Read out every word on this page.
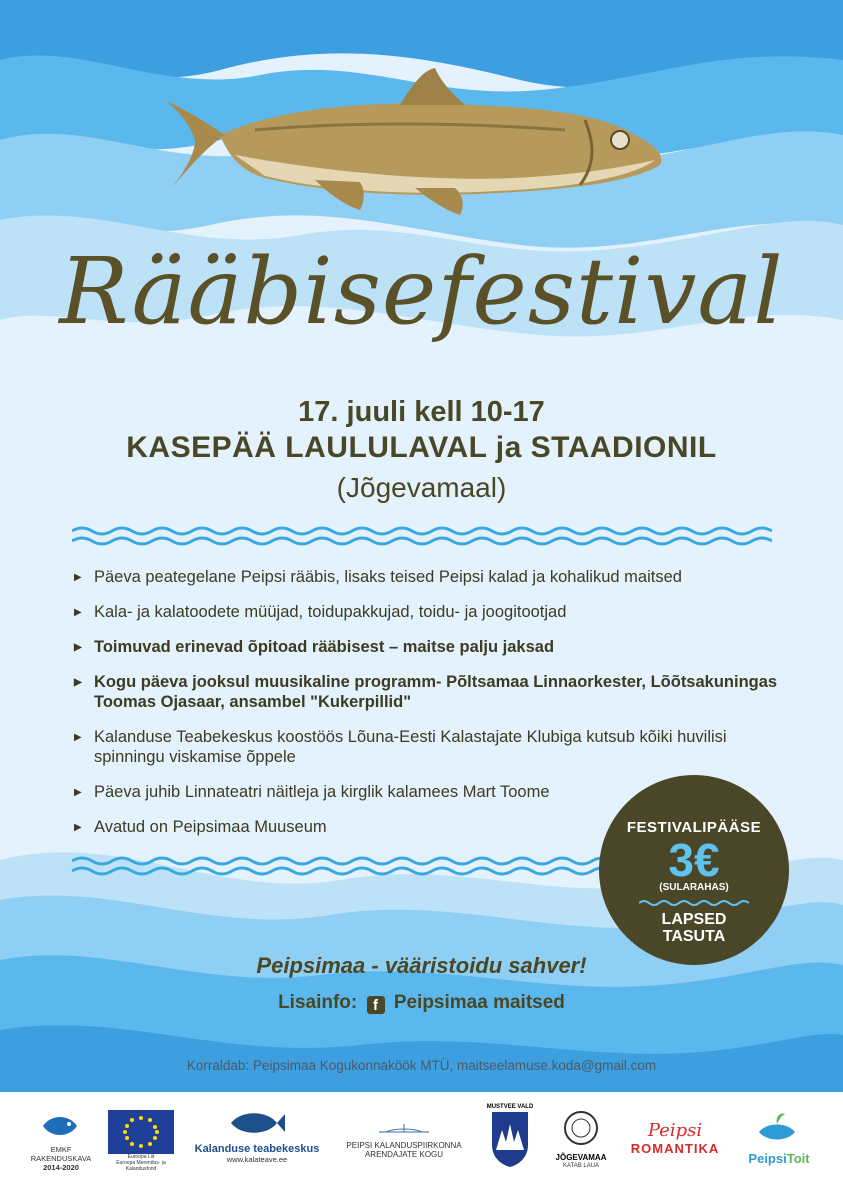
Rääbisefestival
17. juuli kell 10-17
KASEPÄÄ LAULULAVAL ja STAADIONIL
(Jõgevamaal)
▶ Päeva peategelane Peipsi rääbis, lisaks teised Peipsi kalad ja kohalikud maitsed
▶ Kala- ja kalatoodete müüjad, toidupakkujad, toidu- ja joogitootjad
▶ Toimuvad erinevad õpitoad rääbisest – maitse palju jaksad
▶ Kogu päeva jooksul muusikaline programm- Põltsamaa Linnaorkester, Lõõtsakuningas Toomas Ojasaar, ansambel "Kukerpillid"
▶ Kalanduse Teabekeskus koostöös Lõuna-Eesti Kalastajate Klubiga kutsub kõiki huvilisi spinningu viskamise õppele
▶ Päeva juhib Linnateatri näitleja ja kirglik kalamees Mart Toome
▶ Avatud on Peipsimaa Muuseum	FESTIVALIPÄÄSE
3€
(SULARAHAS)
LAPSED
TASUTA
Peipsimaa - vääristoidu sahver!
Lisainfo: f Peipsimaa maitsed
Korraldab: Peipsimaa Kogukonnaköök MTÜ, maitseelamuse.koda@gmail.com
EMKF
RAKENDUSKAVA
2014-2020
Euroopa Liit
Euroopa Merendus- ja Kalandusfond
Kalanduse teabekeskus
www.kalateave.ee
PEIPSI KALANDUSPIIRKONNA
ARENDAJATE KOGU
MUSTVEE VALD
JÕGEVAMAA
KATAB LAUA
Peipsi
ROMANTIKA
PeipsiToit
